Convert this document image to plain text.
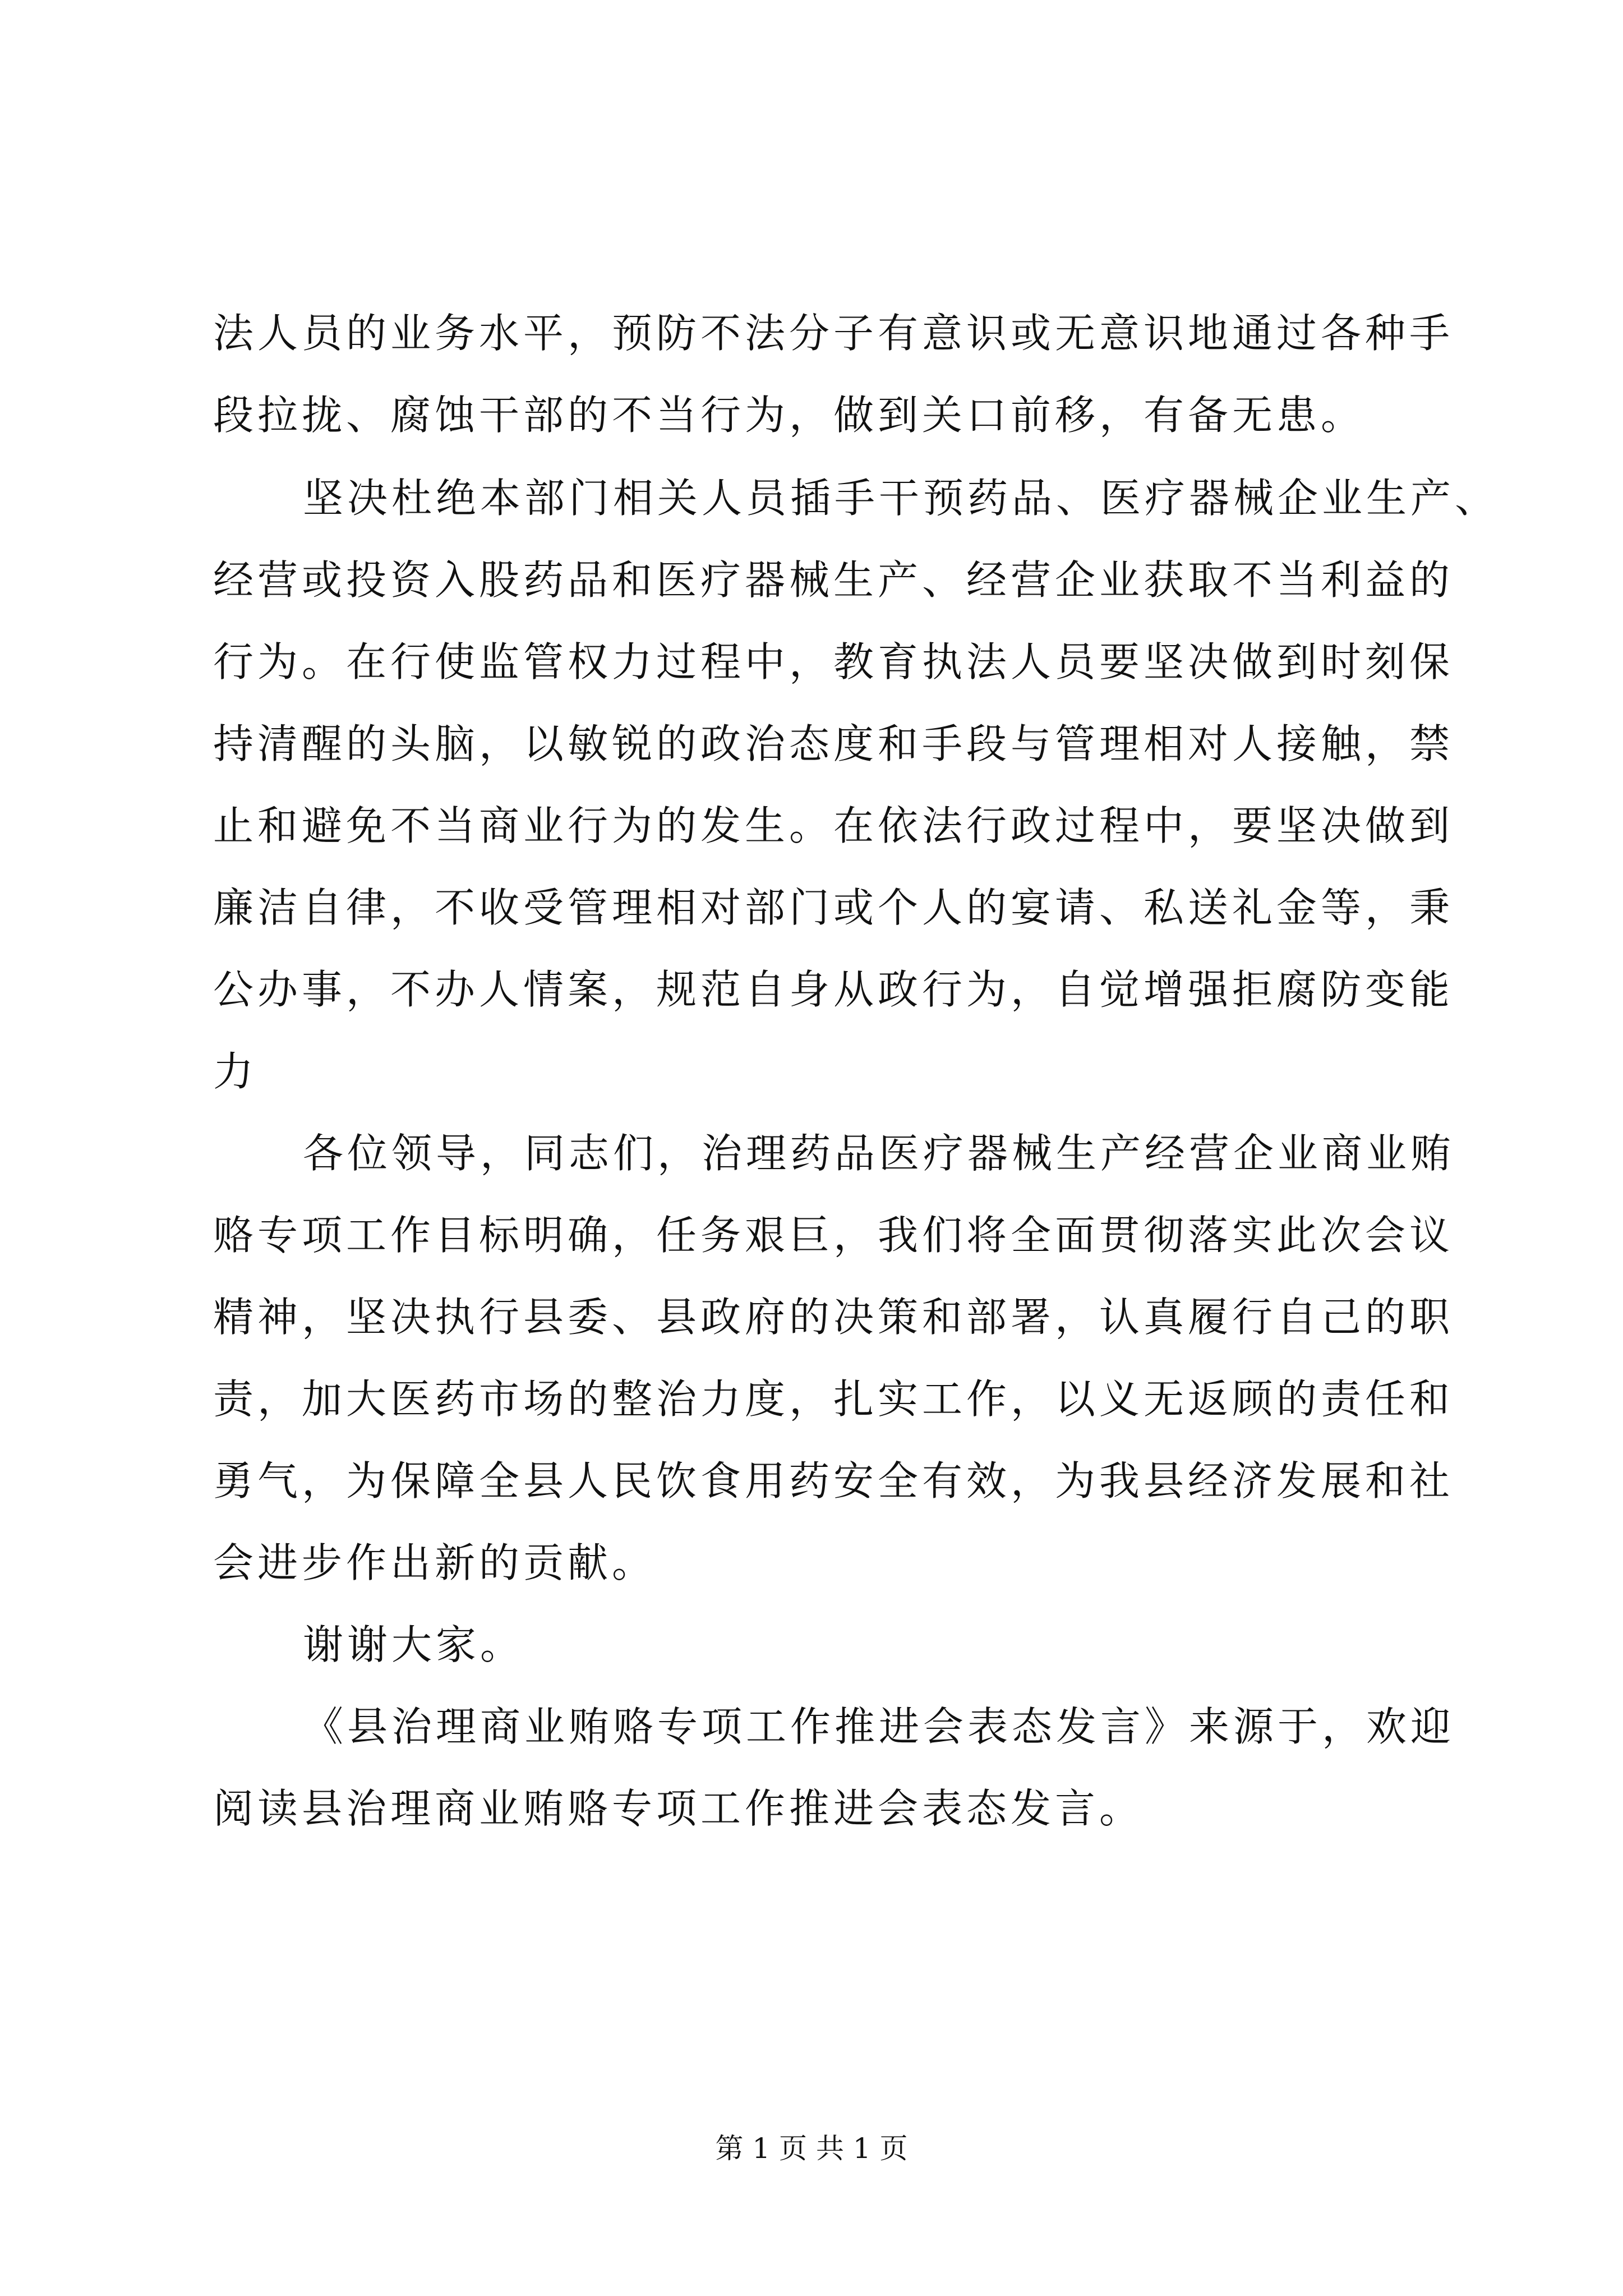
法人员的业务水平，预防不法分子有意识或无意识地通过各种手
段拉拢、腐蚀干部的不当行为，做到关口前移，有备无患。
坚决杜绝本部门相关人员插手干预药品、医疗器械企业生产、
经营或投资入股药品和医疗器械生产、经营企业获取不当利益的
行为。在行使监管权力过程中，教育执法人员要坚决做到时刻保
持清醒的头脑，以敏锐的政治态度和手段与管理相对人接触，禁
止和避免不当商业行为的发生。在依法行政过程中，要坚决做到
廉洁自律，不收受管理相对部门或个人的宴请、私送礼金等，秉
公办事，不办人情案，规范自身从政行为，自觉增强拒腐防变能
力
各位领导，同志们，治理药品医疗器械生产经营企业商业贿
赂专项工作目标明确，任务艰巨，我们将全面贯彻落实此次会议
精神，坚决执行县委、县政府的决策和部署，认真履行自己的职
责，加大医药市场的整治力度，扎实工作，以义无返顾的责任和
勇气，为保障全县人民饮食用药安全有效，为我县经济发展和社
会进步作出新的贡献。
谢谢大家。
《县治理商业贿赂专项工作推进会表态发言》来源于，欢迎
阅读县治理商业贿赂专项工作推进会表态发言。
第 1 页 共 1 页
